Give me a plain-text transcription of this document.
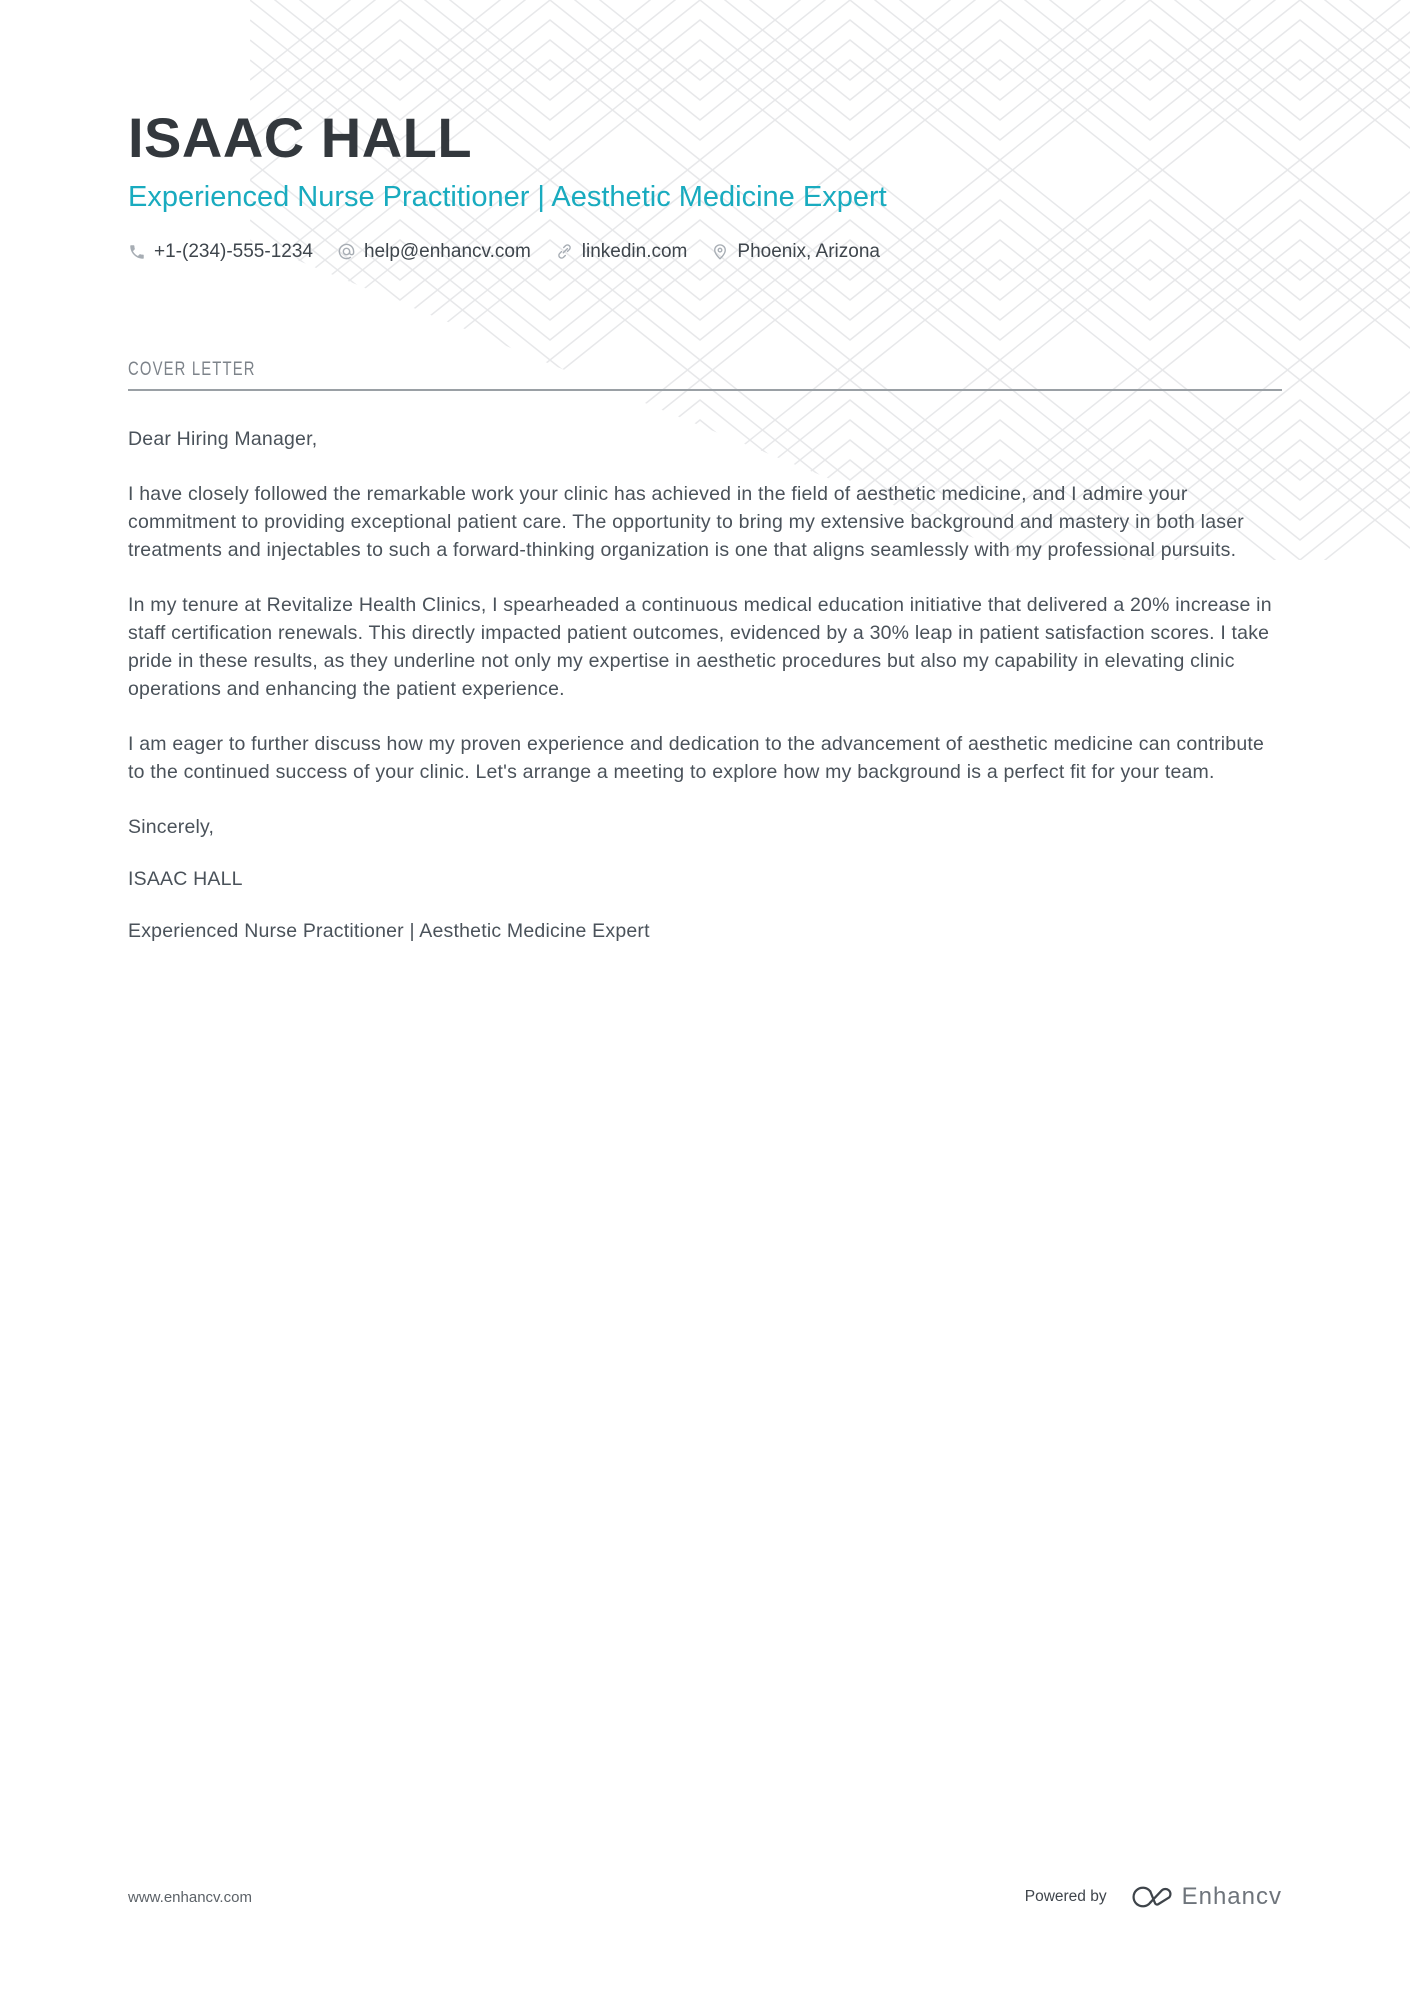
ISAAC HALL
Experienced Nurse Practitioner | Aesthetic Medicine Expert
+1-(234)-555-1234	help@enhancv.com	linkedin.com	Phoenix, Arizona
COVER LETTER

Dear Hiring Manager,

I have closely followed the remarkable work your clinic has achieved in the field of aesthetic medicine, and I admire your commitment to providing exceptional patient care. The opportunity to bring my extensive background and mastery in both laser treatments and injectables to such a forward-thinking organization is one that aligns seamlessly with my professional pursuits.

In my tenure at Revitalize Health Clinics, I spearheaded a continuous medical education initiative that delivered a 20% increase in staff certification renewals. This directly impacted patient outcomes, evidenced by a 30% leap in patient satisfaction scores. I take pride in these results, as they underline not only my expertise in aesthetic procedures but also my capability in elevating clinic operations and enhancing the patient experience.

I am eager to further discuss how my proven experience and dedication to the advancement of aesthetic medicine can contribute to the continued success of your clinic. Let's arrange a meeting to explore how my background is a perfect fit for your team.

Sincerely,

ISAAC HALL

Experienced Nurse Practitioner | Aesthetic Medicine Expert

www.enhancv.com	Powered by	Enhancv
